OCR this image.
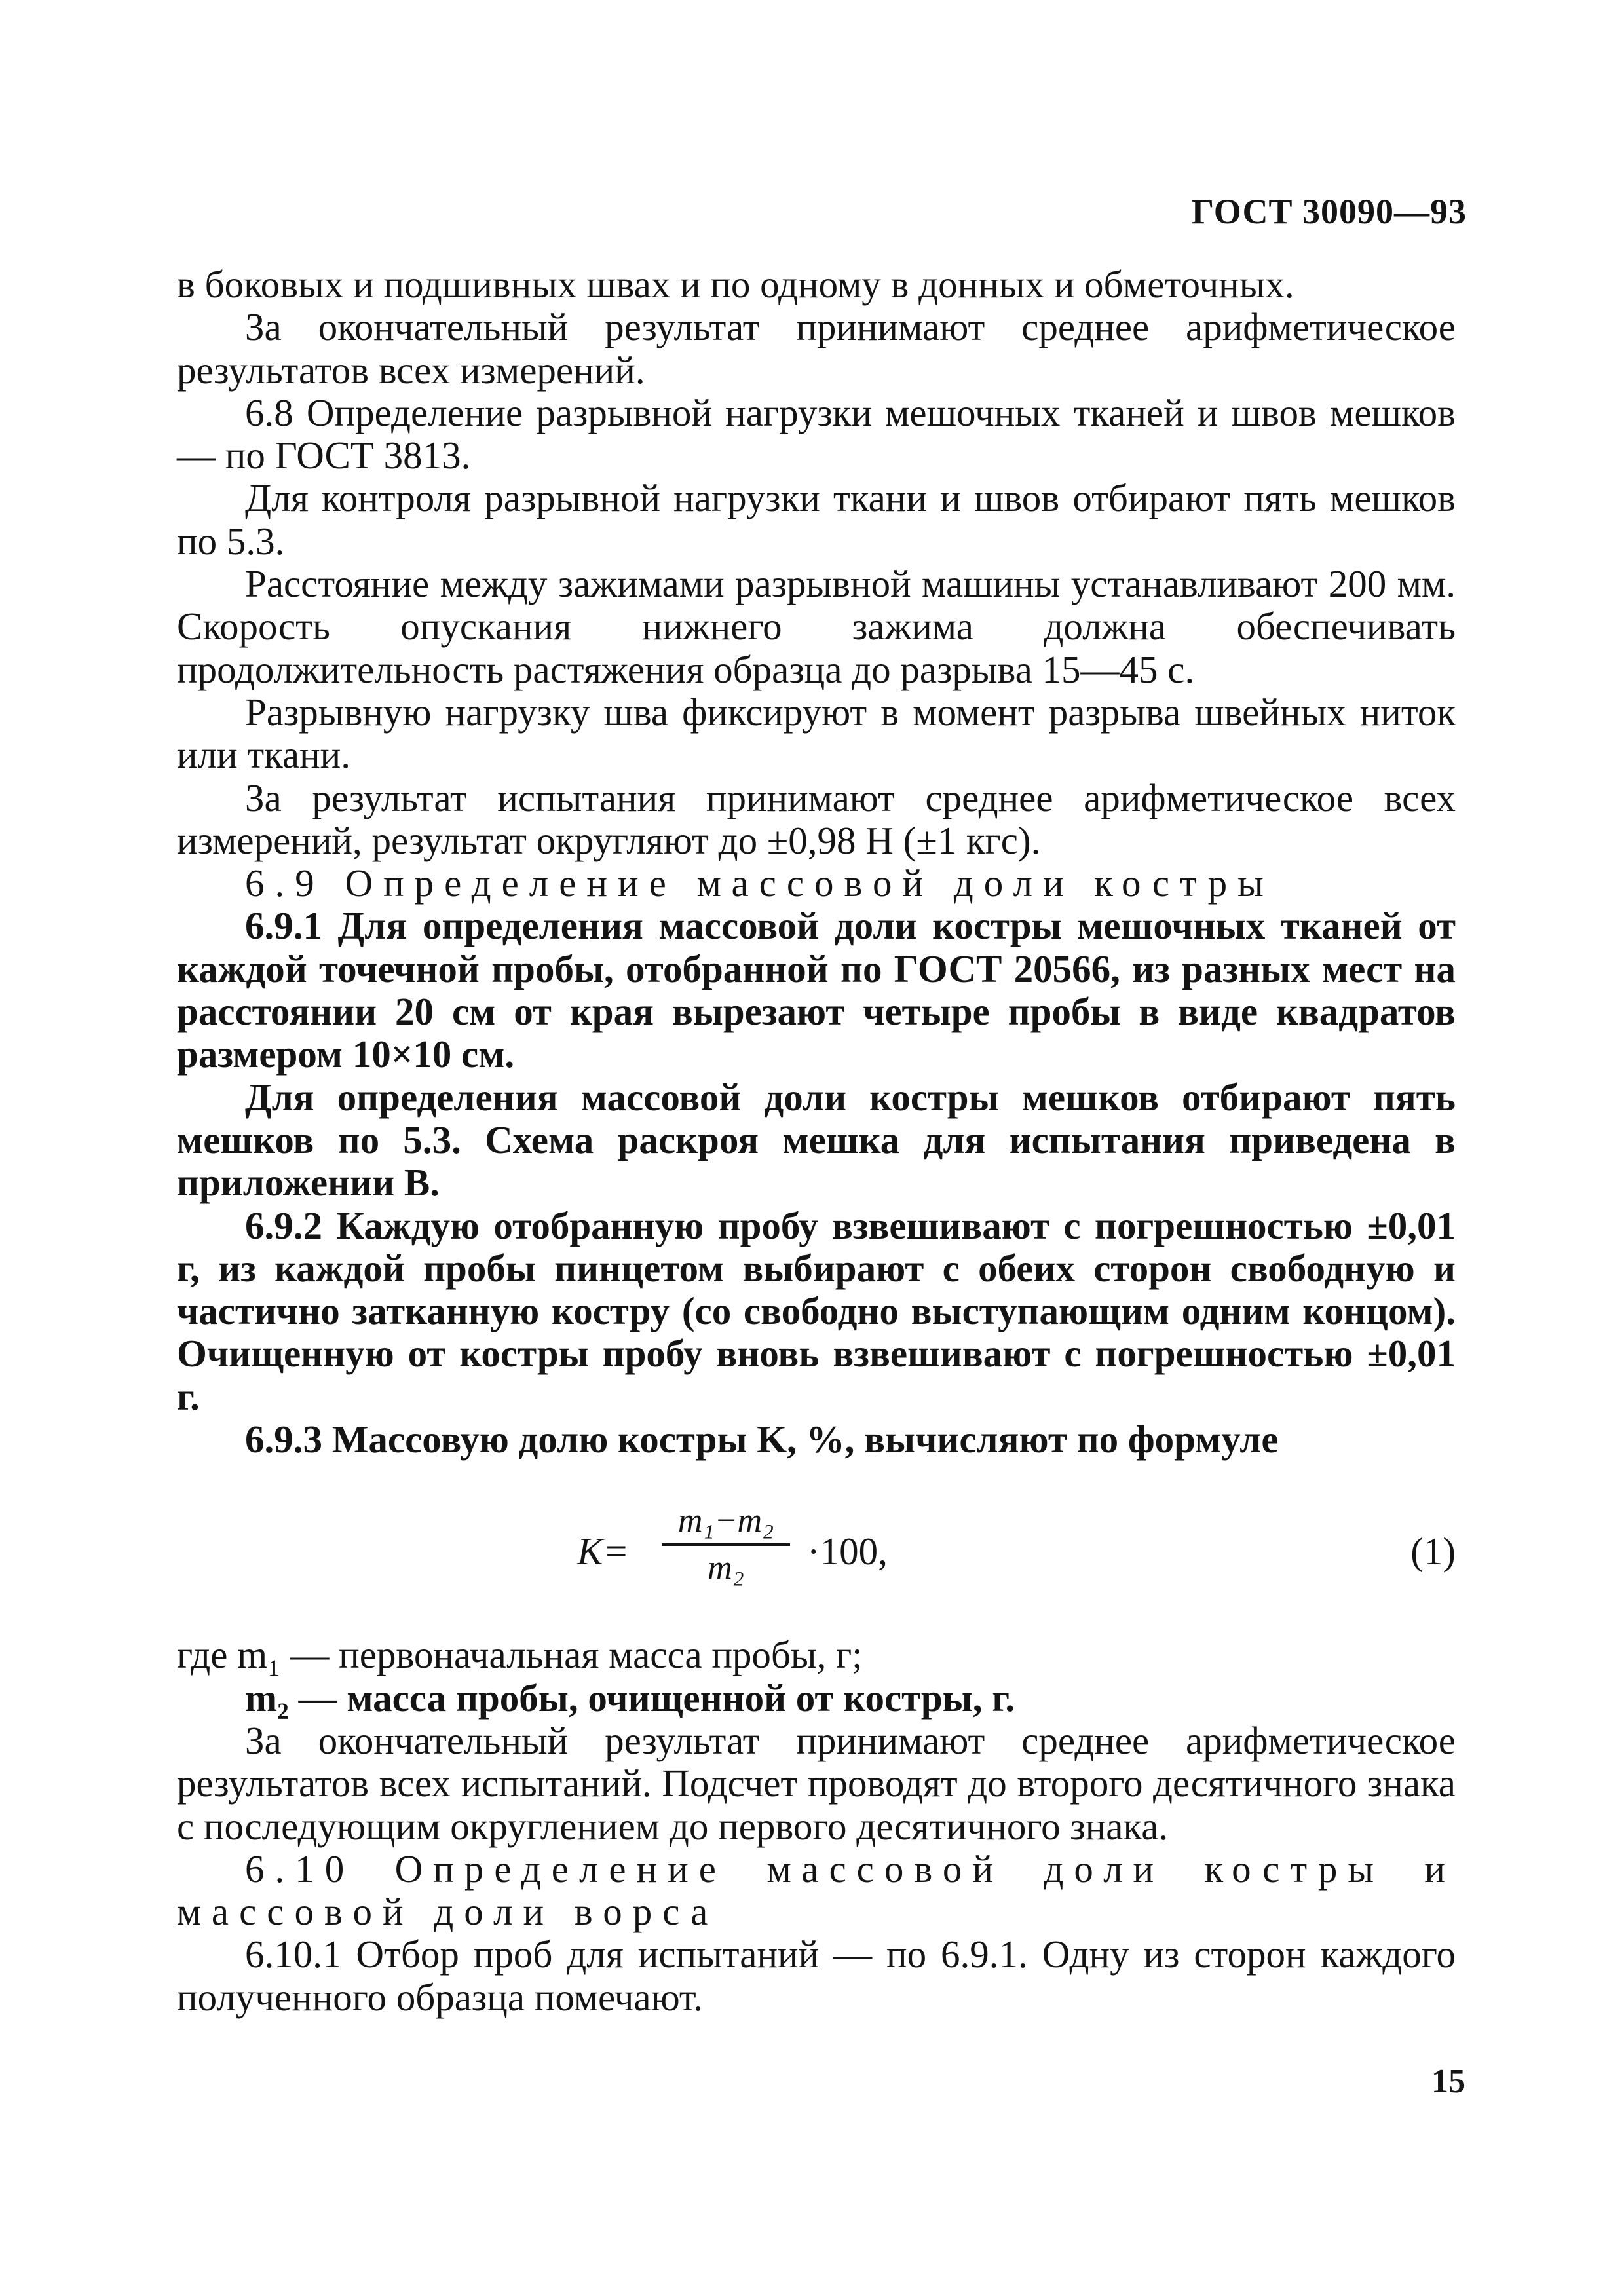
ГОСТ 30090—93

в боковых и подшивных швах и по одному в донных и обметочных.

За окончательный результат принимают среднее арифметическое результатов всех измерений.

6.8 Определение разрывной нагрузки мешочных тканей и швов мешков — по ГОСТ 3813.

Для контроля разрывной нагрузки ткани и швов отбирают пять мешков по 5.3.

Расстояние между зажимами разрывной машины устанавливают 200 мм. Скорость опускания нижнего зажима должна обеспечивать продолжительность растяжения образца до разрыва 15—45 с.

Разрывную нагрузку шва фиксируют в момент разрыва швейных ниток или ткани.

За результат испытания принимают среднее арифметическое всех измерений, результат округляют до ±0,98 Н (±1 кгс).

6.9 Определение массовой доли костры

6.9.1 Для определения массовой доли костры мешочных тканей от каждой точечной пробы, отобранной по ГОСТ 20566, из разных мест на расстоянии 20 см от края вырезают четыре пробы в виде квадратов размером 10×10 см.

Для определения массовой доли костры мешков отбирают пять мешков по 5.3. Схема раскроя мешка для испытания приведена в приложении В.

6.9.2 Каждую отобранную пробу взвешивают с погрешностью ±0,01 г, из каждой пробы пинцетом выбирают с обеих сторон свободную и частично затканную костру (со свободно выступающим одним концом). Очищенную от костры пробу вновь взвешивают с погрешностью ±0,01 г.

6.9.3 Массовую долю костры K, %, вычисляют по формуле

$K= \frac{\text{m₁−m₂}}{\text{m₂}} \cdot 100$,	(1)

где m₁ — первоначальная масса пробы, г;

m₂ — масса пробы, очищенной от костры, г.

За окончательный результат принимают среднее арифметическое результатов всех испытаний. Подсчет проводят до второго десятичного знака с последующим округлением до первого десятичного знака.

6.10 Определение массовой доли костры и массовой доли ворса

6.10.1 Отбор проб для испытаний — по 6.9.1. Одну из сторон каждого полученного образца помечают.

15
